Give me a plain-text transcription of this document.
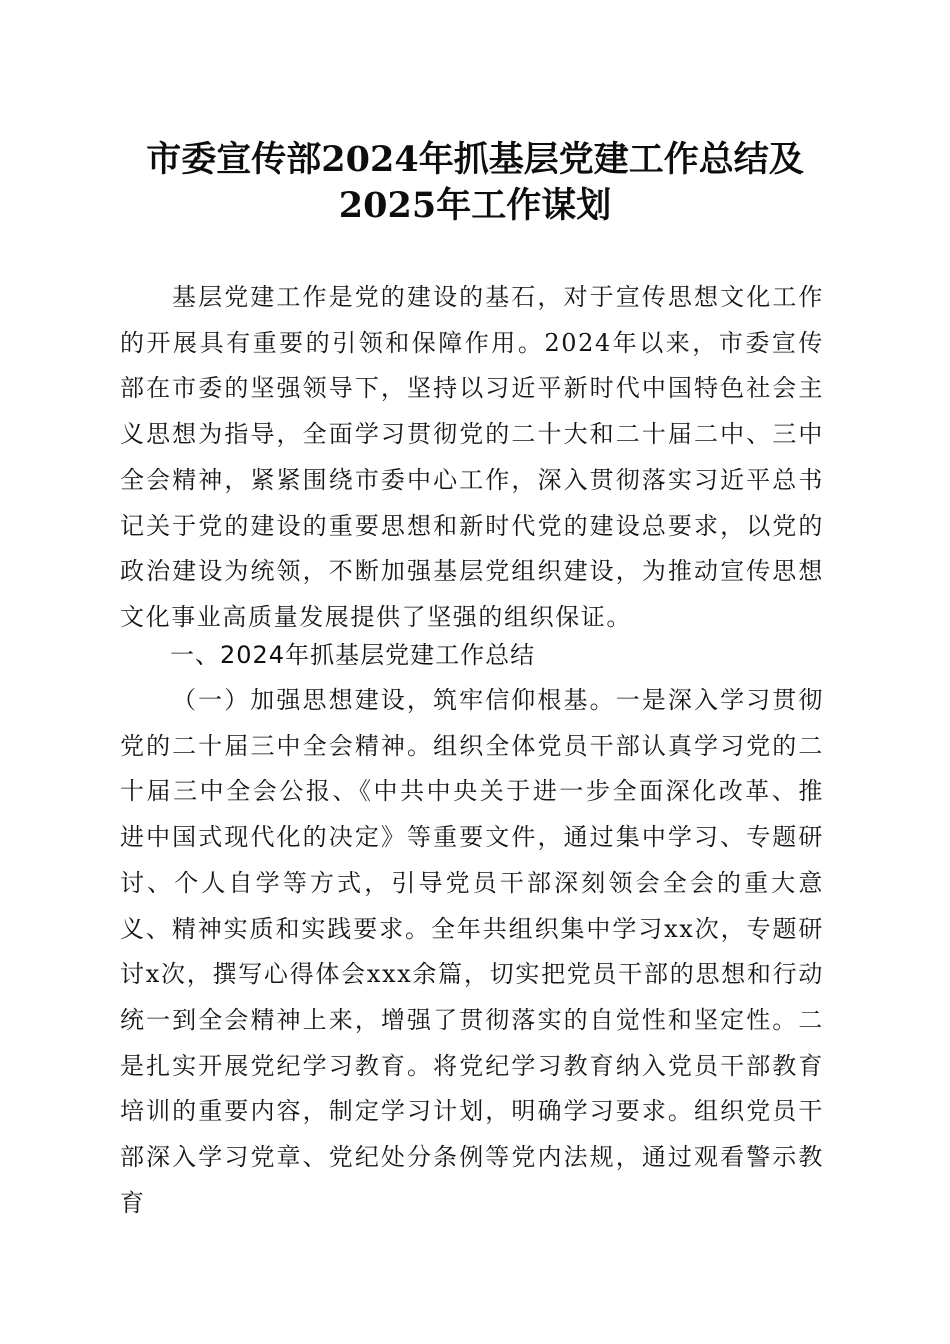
市委宣传部2024年抓基层党建工作总结及
2025年工作谋划
基层党建工作是党的建设的基石，对于宣传思想文化工作的开展具有重要的引领和保障作用。2024年以来，市委宣传部在市委的坚强领导下，坚持以习近平新时代中国特色社会主义思想为指导，全面学习贯彻党的二十大和二十届二中、三中全会精神，紧紧围绕市委中心工作，深入贯彻落实习近平总书记关于党的建设的重要思想和新时代党的建设总要求，以党的政治建设为统领，不断加强基层党组织建设，为推动宣传思想文化事业高质量发展提供了坚强的组织保证。
一、2024年抓基层党建工作总结
（一）加强思想建设，筑牢信仰根基。一是深入学习贯彻党的二十届三中全会精神。组织全体党员干部认真学习党的二十届三中全会公报、《中共中央关于进一步全面深化改革、推进中国式现代化的决定》等重要文件，通过集中学习、专题研讨、个人自学等方式，引导党员干部深刻领会全会的重大意义、精神实质和实践要求。全年共组织集中学习xx次，专题研讨x次，撰写心得体会xxx余篇，切实把党员干部的思想和行动统一到全会精神上来，增强了贯彻落实的自觉性和坚定性。二是扎实开展党纪学习教育。将党纪学习教育纳入党员干部教育培训的重要内容，制定学习计划，明确学习要求。组织党员干部深入学习党章、党纪处分条例等党内法规，通过观看警示教育
